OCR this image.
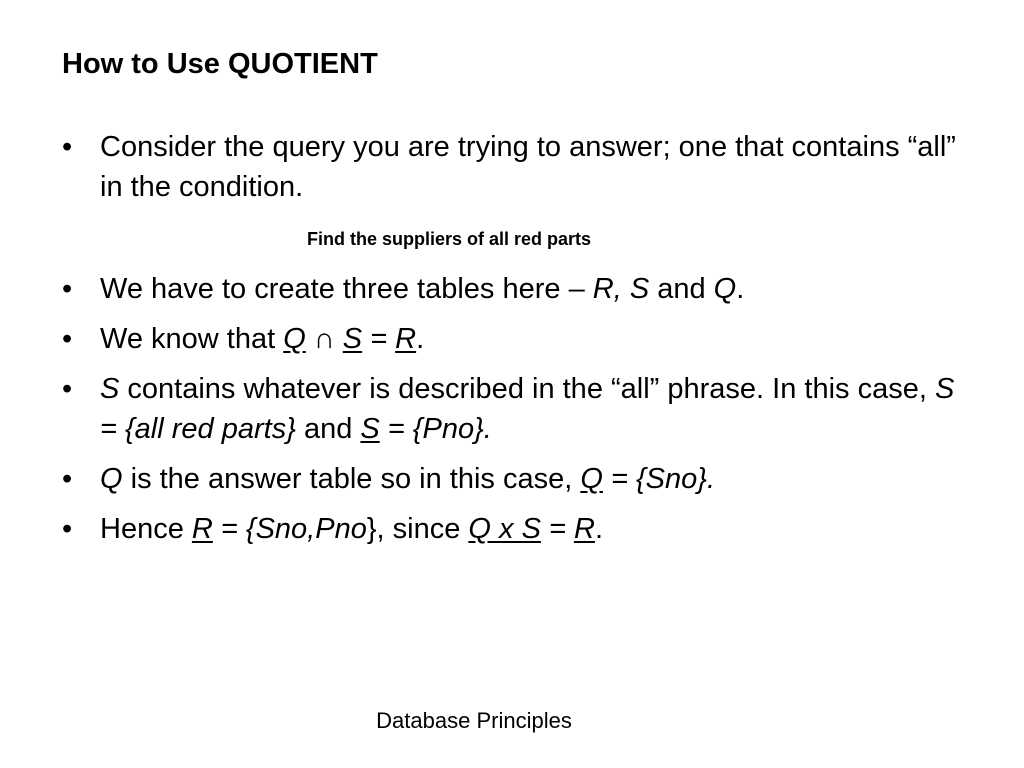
How to Use QUOTIENT
• Consider the query you are trying to answer; one that contains “all” in the condition.
Find the suppliers of all red parts
• We have to create three tables here – R, S and Q.
• We know that Q ∩ S = R.
• S contains whatever is described in the “all” phrase. In this case, S = {all red parts} and S = {Pno}.
• Q is the answer table so in this case, Q = {Sno}.
• Hence R = {Sno,Pno}, since Q x S = R.
Database Principles
